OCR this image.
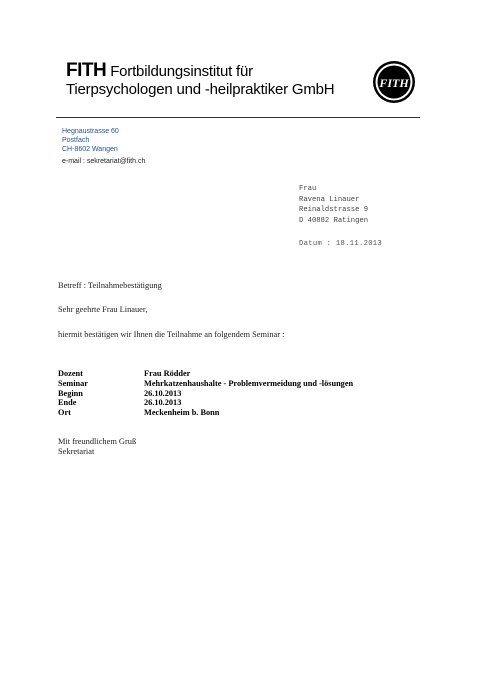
FITH Fortbildungsinstitut für
Tierpsychologen und -heilpraktiker GmbH	FITH
Hegnaustrasse 60
Postfach
CH-8602 Wangen
e-mail : sekretariat@fith.ch
Frau
Ravena Linauer
Reinaldstrasse 9
D 40882 Ratingen
Datum : 18.11.2013
Betreff : Teilnahmebestätigung
Sehr geehrte Frau Linauer,
hiermit bestätigen wir Ihnen die Teilnahme an folgendem Seminar :
Dozent	Frau Rödder
Seminar	Mehrkatzenhaushalte - Problemvermeidung und -lösungen
Beginn	26.10.2013
Ende	26.10.2013
Ort	Meckenheim b. Bonn
Mit freundlichem Gruß
Sekretariat
